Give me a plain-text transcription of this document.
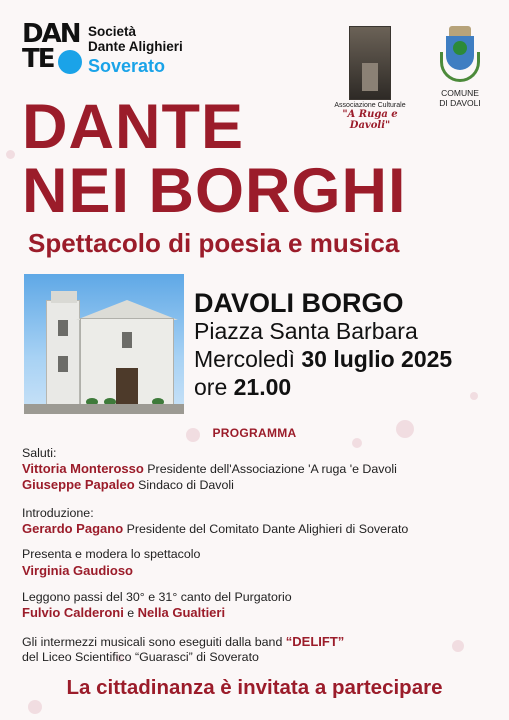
DAN
TE
Società
Dante Alighieri
Soverato
Associazione Culturale
"A Ruga e Davoli"
COMUNE
DI DAVOLI
DANTE
NEI BORGHI
Spettacolo di poesia e musica
DAVOLI BORGO
Piazza Santa Barbara
Mercoledì 30 luglio 2025
ore 21.00
PROGRAMMA
Saluti:
Vittoria Monterosso Presidente dell'Associazione 'A ruga 'e Davoli
Giuseppe Papaleo Sindaco di Davoli
Introduzione:
Gerardo Pagano Presidente del Comitato Dante Alighieri di Soverato
Presenta e modera lo spettacolo
Virginia Gaudioso
Leggono passi del 30° e 31° canto del Purgatorio
Fulvio Calderoni e Nella Gualtieri
Gli intermezzi musicali sono eseguiti dalla band “DELIFT”
del Liceo Scientifico “Guarasci” di Soverato
La cittadinanza è invitata a partecipare
